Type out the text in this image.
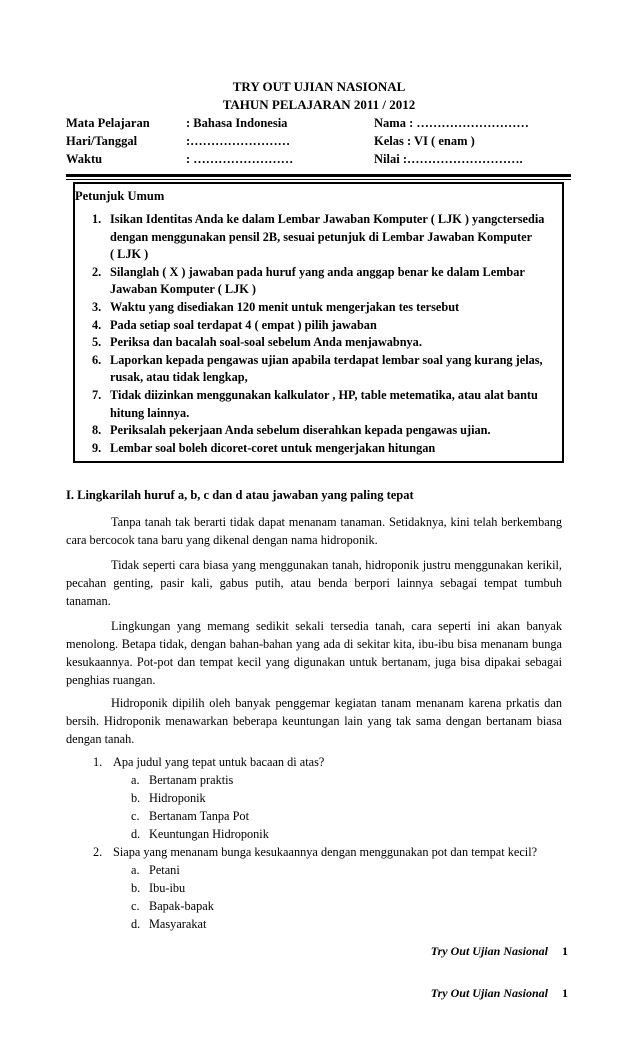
TRY OUT UJIAN NASIONAL
TAHUN PELAJARAN 2011 / 2012
Mata Pelajaran	: Bahasa Indonesia	Nama : ………………………
Hari/Tanggal	:……………………	Kelas : VI ( enam )
Waktu	: ……………………	Nilai :……………………….
Petunjuk Umum
1. Isikan Identitas Anda ke dalam Lembar Jawaban Komputer ( LJK ) yangctersedia
dengan menggunakan pensil 2B, sesuai petunjuk di Lembar Jawaban Komputer
( LJK )
2. Silanglah ( X ) jawaban pada huruf yang anda anggap benar ke dalam Lembar
Jawaban Komputer ( LJK )
3. Waktu yang disediakan 120 menit untuk mengerjakan tes tersebut
4. Pada setiap soal terdapat 4 ( empat ) pilih jawaban
5. Periksa dan bacalah soal-soal sebelum Anda menjawabnya.
6. Laporkan kepada pengawas ujian apabila terdapat lembar soal yang kurang jelas,
rusak, atau tidak lengkap,
7. Tidak diizinkan menggunakan kalkulator , HP, table metematika, atau alat bantu
hitung lainnya.
8. Periksalah pekerjaan Anda sebelum diserahkan kepada pengawas ujian.
9. Lembar soal boleh dicoret-coret untuk mengerjakan hitungan
I. Lingkarilah huruf a, b, c dan d atau jawaban yang paling tepat
Tanpa tanah tak berarti tidak dapat menanam tanaman. Setidaknya, kini telah berkembang cara bercocok tana baru yang dikenal dengan nama hidroponik.
Tidak seperti cara biasa yang menggunakan tanah, hidroponik justru menggunakan kerikil, pecahan genting, pasir kali, gabus putih, atau benda berpori lainnya sebagai tempat tumbuh tanaman.
Lingkungan yang memang sedikit sekali tersedia tanah, cara seperti ini akan banyak menolong. Betapa tidak, dengan bahan-bahan yang ada di sekitar kita, ibu-ibu bisa menanam bunga kesukaannya. Pot-pot dan tempat kecil yang digunakan untuk bertanam, juga bisa dipakai sebagai penghias ruangan.
Hidroponik dipilih oleh banyak penggemar kegiatan tanam menanam karena prkatis dan bersih. Hidroponik menawarkan beberapa keuntungan lain yang tak sama dengan bertanam biasa dengan tanah.
1. Apa judul yang tepat untuk bacaan di atas?
a. Bertanam praktis
b. Hidroponik
c. Bertanam Tanpa Pot
d. Keuntungan Hidroponik
2. Siapa yang menanam bunga kesukaannya dengan menggunakan pot dan tempat kecil?
a. Petani
b. Ibu-ibu
c. Bapak-bapak
d. Masyarakat
Try Out Ujian Nasional 1
Try Out Ujian Nasional 1
